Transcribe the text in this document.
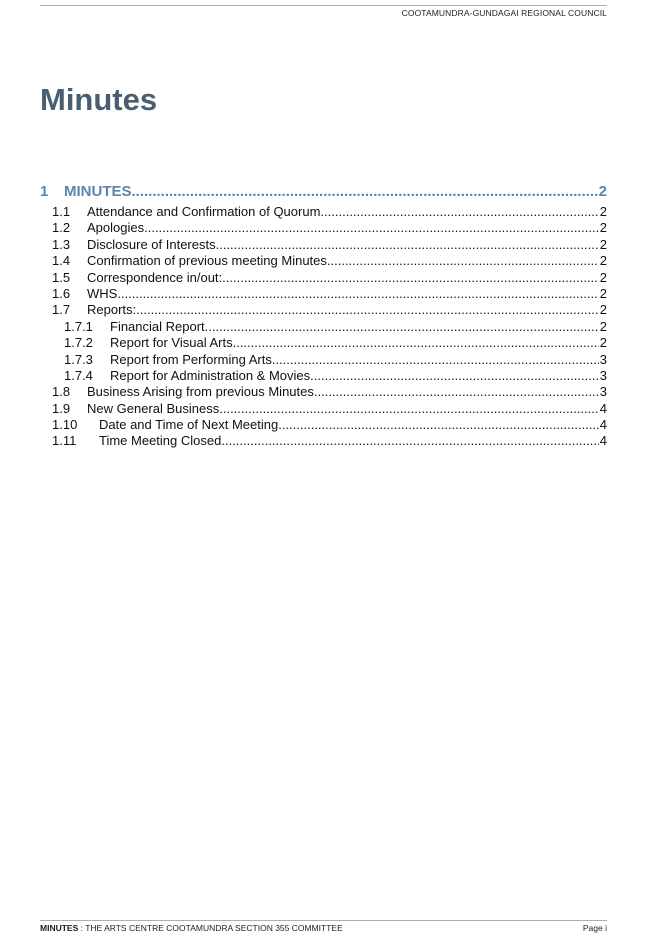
COOTAMUNDRA-GUNDAGAI REGIONAL COUNCIL
Minutes
1	MINUTES .....	2
1.1	Attendance and Confirmation of Quorum .....	2
1.2	Apologies .....	2
1.3	Disclosure of Interests .....	2
1.4	Confirmation of previous meeting Minutes .....	2
1.5	Correspondence in/out: .....	2
1.6	WHS .....	2
1.7	Reports: .....	2
1.7.1	Financial Report .....	2
1.7.2	Report for Visual Arts .....	2
1.7.3	Report from Performing Arts .....	3
1.7.4	Report for Administration & Movies .....	3
1.8	Business Arising from previous Minutes .....	3
1.9	New General Business .....	4
1.10	Date and Time of Next Meeting .....	4
1.11	Time Meeting Closed .....	4
MINUTES : THE ARTS CENTRE COOTAMUNDRA SECTION 355 COMMITTEE	Page i
